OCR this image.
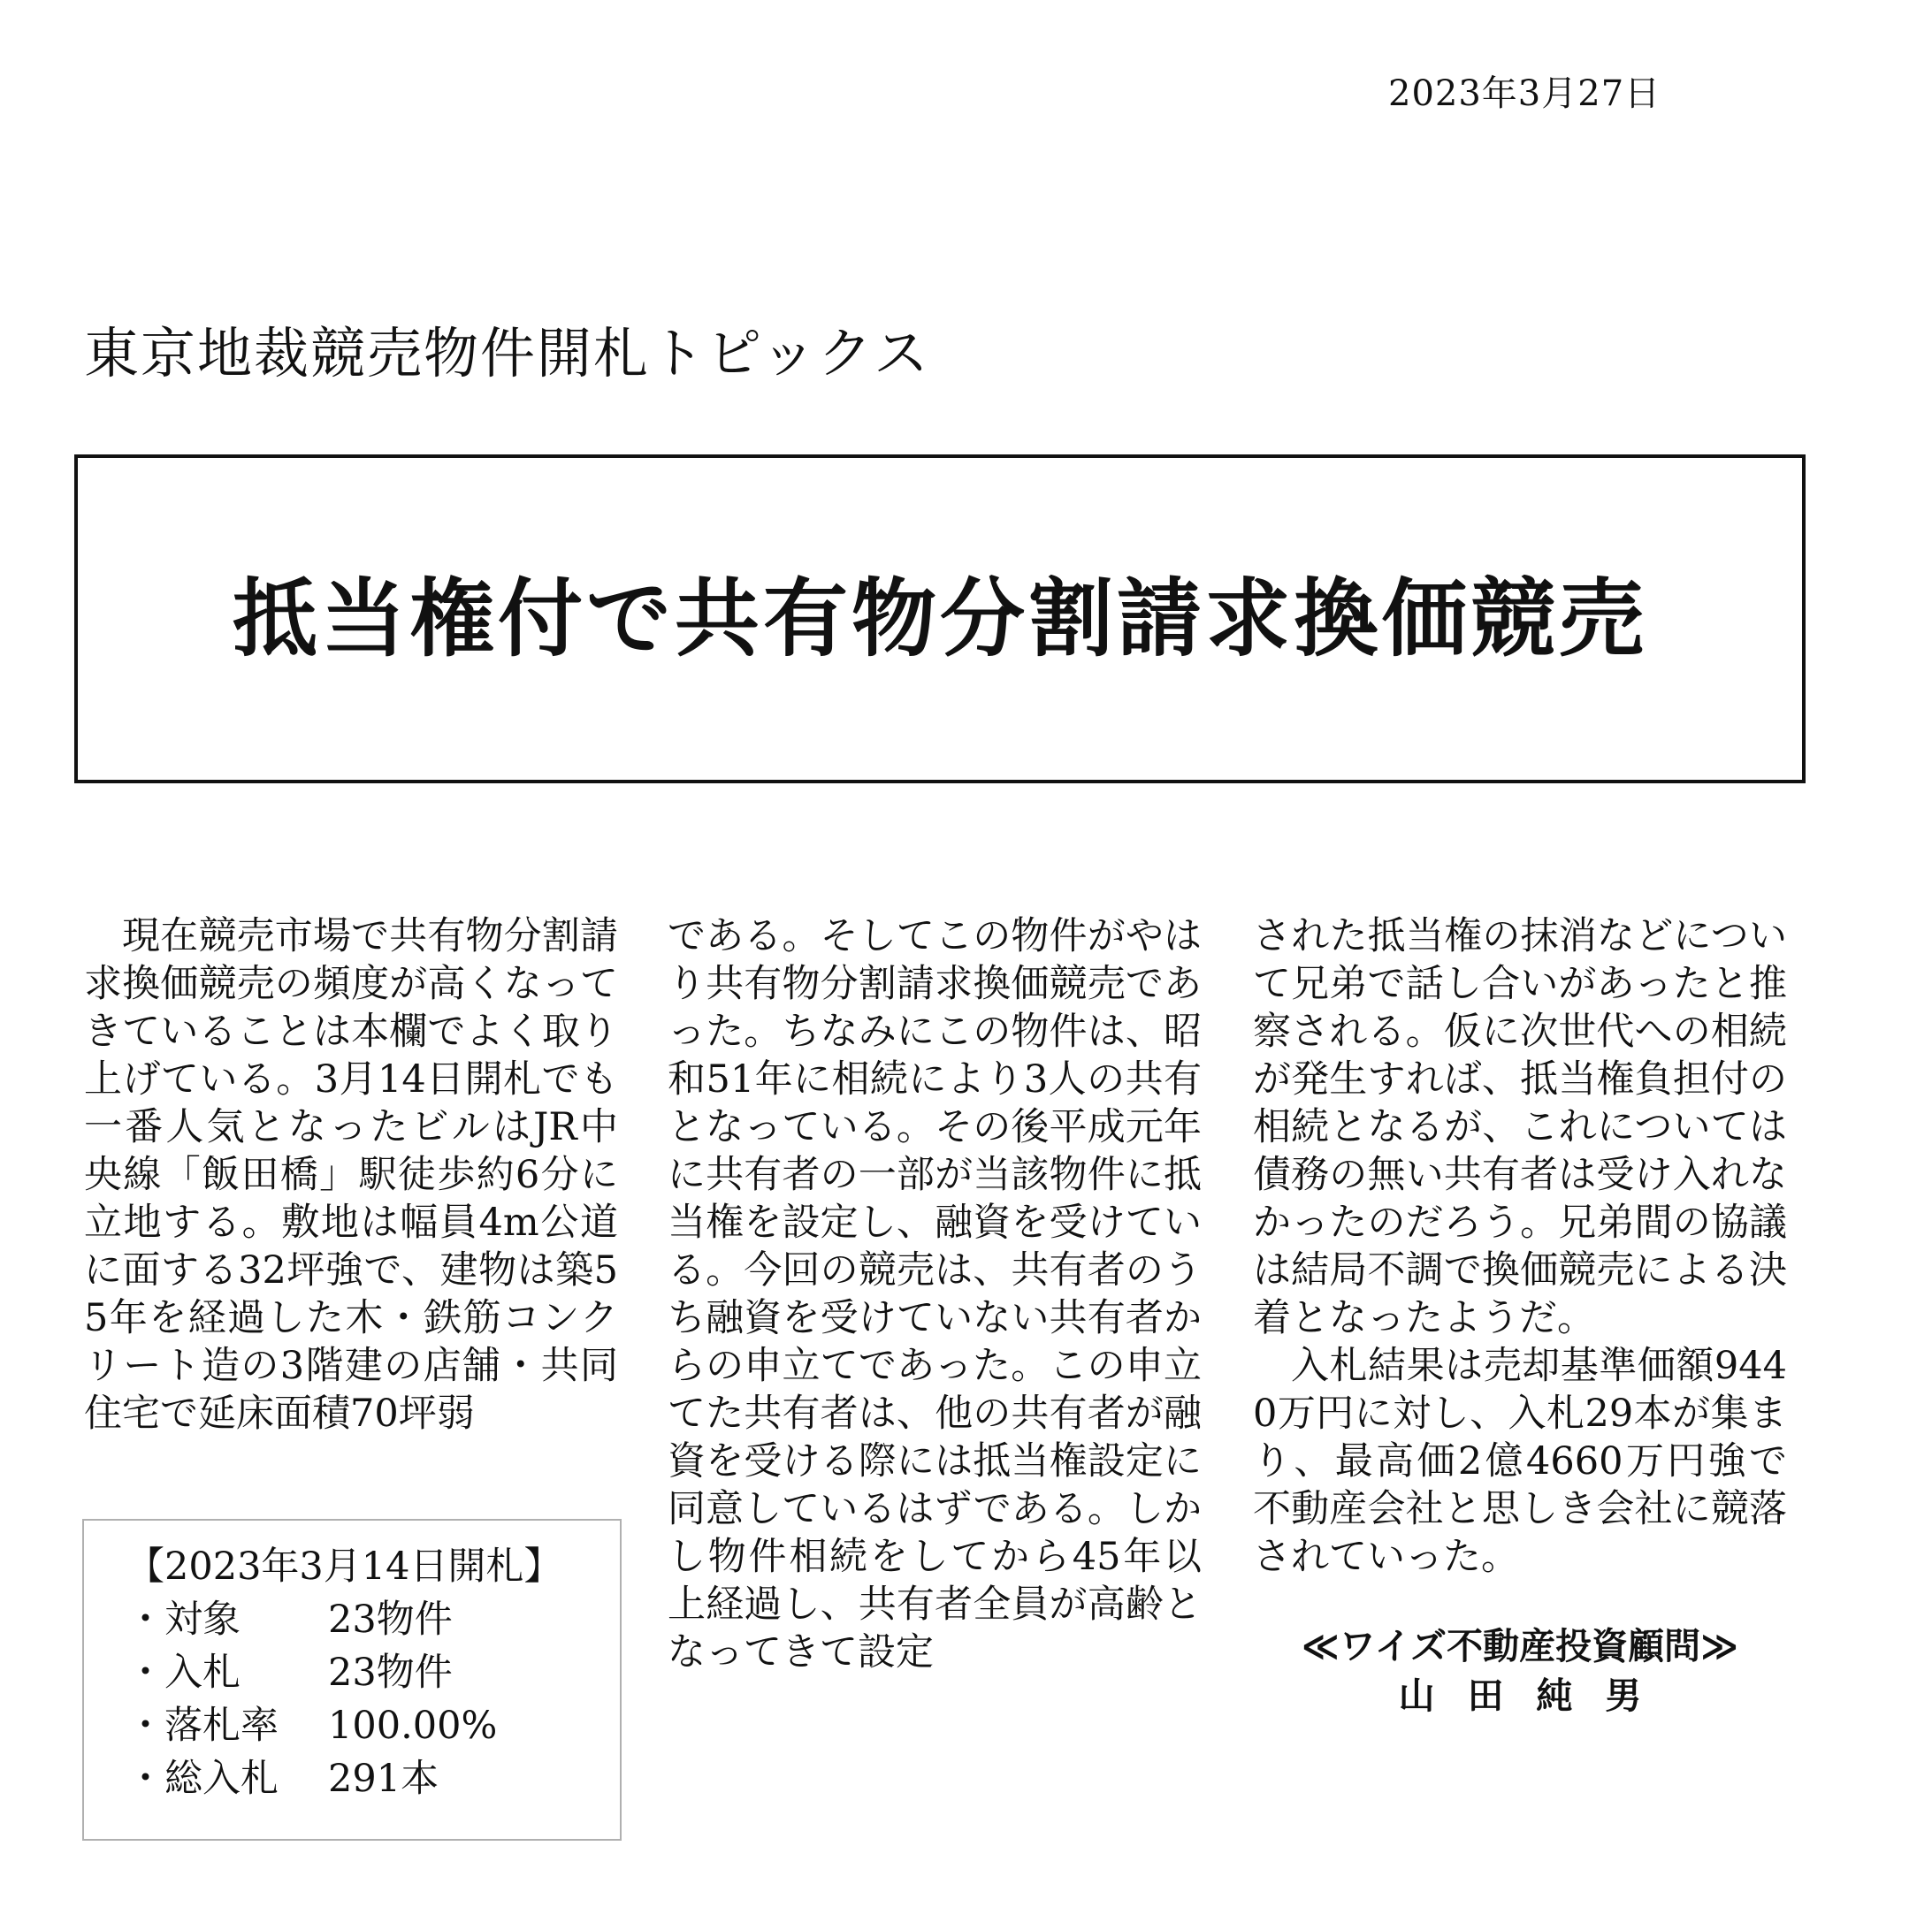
2023年3月27日
東京地裁競売物件開札トピックス
抵当権付で共有物分割請求換価競売

現在競売市場で共有物分割請求換価競売の頻度が高くなってきていることは本欄でよく取り上げている。3月14日開札でも一番人気となったビルはJR中央線「飯田橋」駅徒歩約6分に立地する。敷地は幅員4m公道に面する32坪強で、建物は築55年を経過した木・鉄筋コンクリート造の3階建の店舗・共同住宅で延床面積70坪弱

【2023年3月14日開札】
・対象	23物件
・入札	23物件
・落札率	100.00%
・総入札	291本

である。そしてこの物件がやはり共有物分割請求換価競売であった。ちなみにこの物件は、昭和51年に相続により3人の共有となっている。その後平成元年に共有者の一部が当該物件に抵当権を設定し、融資を受けている。今回の競売は、共有者のうち融資を受けていない共有者からの申立てであった。この申立てた共有者は、他の共有者が融資を受ける際には抵当権設定に同意しているはずである。しかし物件相続をしてから45年以上経過し、共有者全員が高齢となってきて設定

された抵当権の抹消などについて兄弟で話し合いがあったと推察される。仮に次世代への相続が発生すれば、抵当権負担付の相続となるが、これについては債務の無い共有者は受け入れなかったのだろう。兄弟間の協議は結局不調で換価競売による決着となったようだ。

入札結果は売却基準価額9440万円に対し、入札29本が集まり、最高価2億4660万円強で不動産会社と思しき会社に競落されていった。

≪ワイズ不動産投資顧問≫
山田純男
